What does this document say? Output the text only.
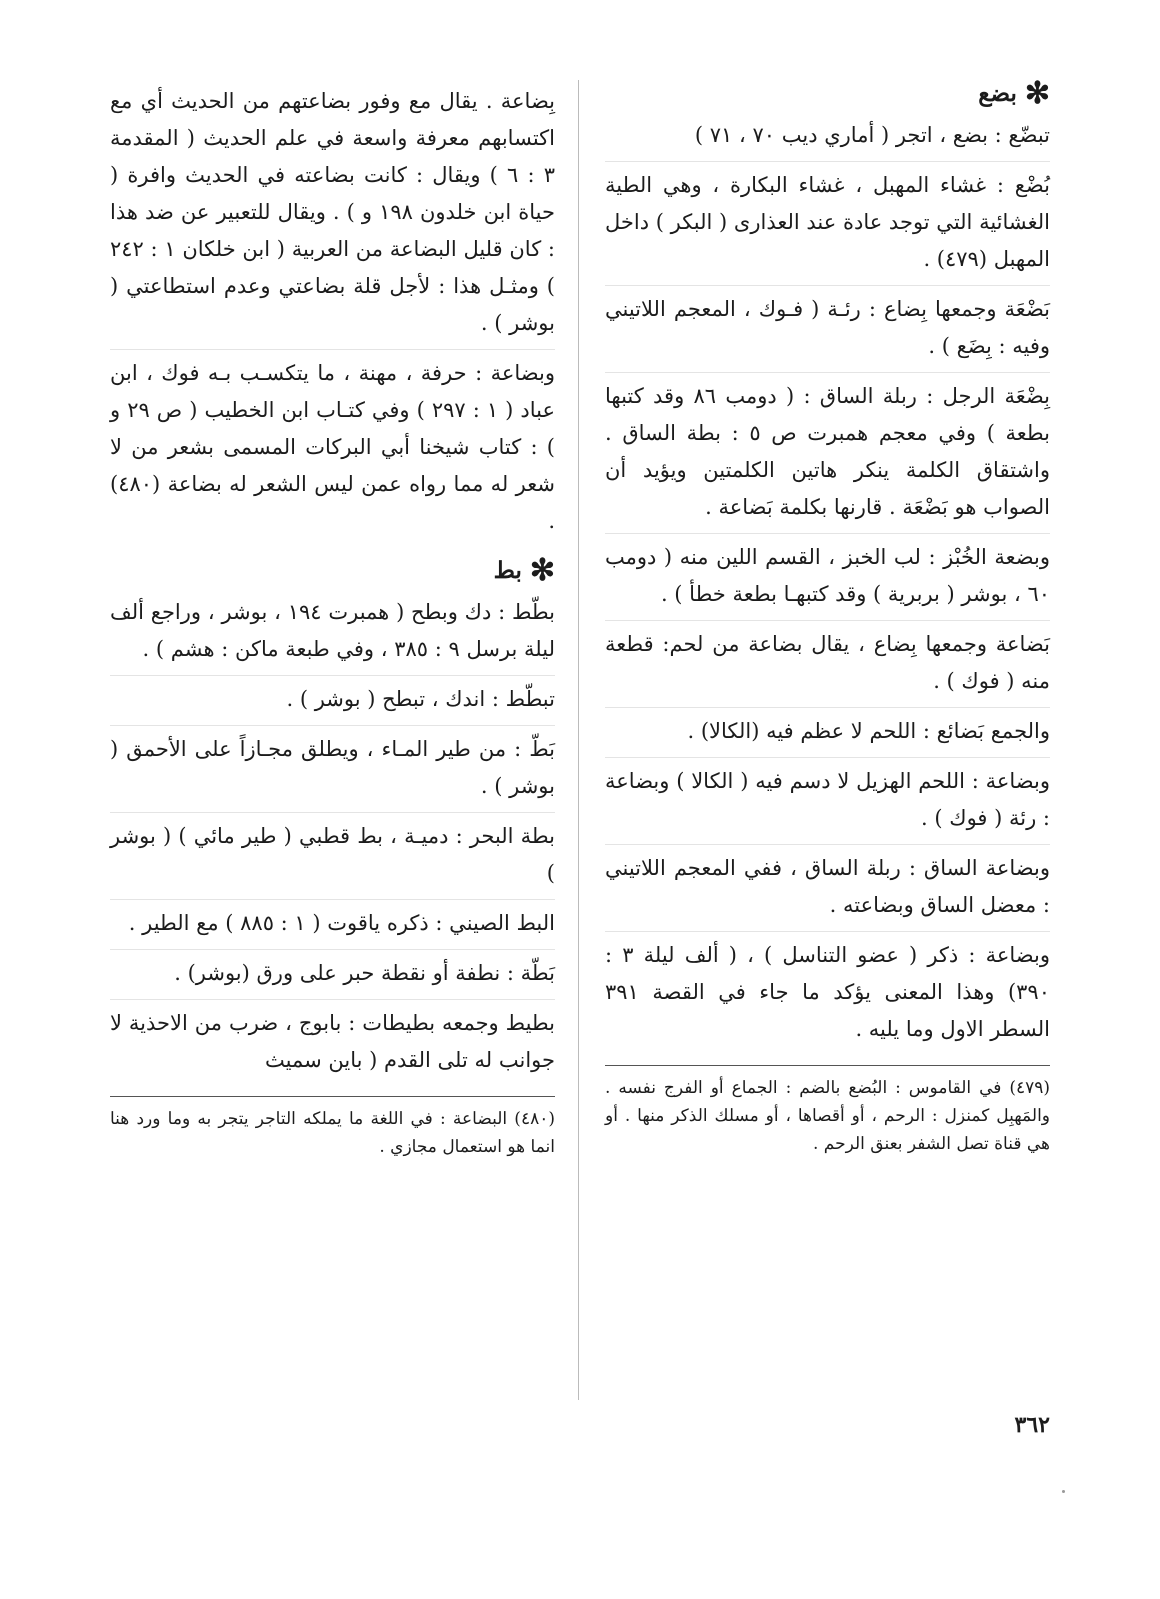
✻
بضع

تبضّع : بضع ، اتجر ( أماري ديب ٧٠ ، ٧١ )

بُضْع : غشاء المهبل ، غشاء البكارة ، وهي الطية الغشائية التي توجد عادة عند العذارى ( البكر ) داخل المهبل (٤٧٩) .

بَضْعَة وجمعها بِضاع : رئـة ( فـوك ، المعجم اللاتيني وفيه : بِضَع ) .

بِضْعَة الرجل : ربلة الساق : ( دومب ٨٦ وقد كتبها بطعة ) وفي معجم همبرت ص ٥ : بطة الساق . واشتقاق الكلمة ينكر هاتين الكلمتين ويؤيد أن الصواب هو بَضْعَة . قارنها بكلمة بَضاعة .

وبضعة الخُبْز : لب الخبز ، القسم اللين منه ( دومب ٦٠ ، بوشر ( بربرية ) وقد كتبهـا بطعة خطأ ) .

بَضاعة وجمعها بِضاع ، يقال بضاعة من لحم: قطعة منه ( فوك ) .

والجمع بَضائع : اللحم لا عظم فيه (الكالا) .

وبضاعة : اللحم الهزيل لا دسم فيه ( الكالا ) وبضاعة : رئة ( فوك ) .

وبضاعة الساق : ربلة الساق ، ففي المعجم اللاتيني : معضل الساق وبضاعته .

وبضاعة : ذكر ( عضو التناسل ) ، ( ألف ليلة ٣ : ٣٩٠) وهذا المعنى يؤكد ما جاء في القصة ٣٩١ السطر الاول وما يليه .

(٤٧٩) في القاموس : البُضع بالضم : الجماع أو الفرج نفسه . والمَهبِل كمنزل : الرحم ، أو أقصاها ، أو مسلك الذكر منها . أو هي قناة تصل الشفر بعنق الرحم .

بِضاعة . يقال مع وفور بضاعتهم من الحديث أي مع اكتسابهم معرفة واسعة في علم الحديث ( المقدمة ٣ : ٦ ) ويقال : كانت بضاعته في الحديث وافرة ( حياة ابن خلدون ١٩٨ و ) . ويقال للتعبير عن ضد هذا : كان قليل البضاعة من العربية ( ابن خلكان ١ : ٢٤٢ ) ومثـل هذا : لأجل قلة بضاعتي وعدم استطاعتي ( بوشر ) .

وبضاعة : حرفة ، مهنة ، ما يتكسـب بـه فوك ، ابن عباد ( ١ : ٢٩٧ ) وفي كتـاب ابن الخطيب ( ص ٢٩ و ) : كتاب شيخنا أبي البركات المسمى بشعر من لا شعر له مما رواه عمن ليس الشعر له بضاعة (٤٨٠) .

✻
بط

بطّط : دك وبطح ( همبرت ١٩٤ ، بوشر ، وراجع ألف ليلة برسل ٩ : ٣٨٥ ، وفي طبعة ماكن : هشم ) .

تبطّط : اندك ، تبطح ( بوشر ) .

بَطّ : من طير المـاء ، ويطلق مجـازاً على الأحمق ( بوشر ) .

بطة البحر : دميـة ، بط قطبي ( طير مائي ) ( بوشر )

البط الصيني : ذكره ياقوت ( ١ : ٨٨٥ ) مع الطير .

بَطّة : نطفة أو نقطة حبر على ورق (بوشر) .

بطيط وجمعه بطيطات : بابوج ، ضرب من الاحذية لا جوانب له تلى القدم ( باين سميث

(٤٨٠) البضاعة : في اللغة ما يملكه التاجر يتجر به وما ورد هنا انما هو استعمال مجازي .

٣٦٢
